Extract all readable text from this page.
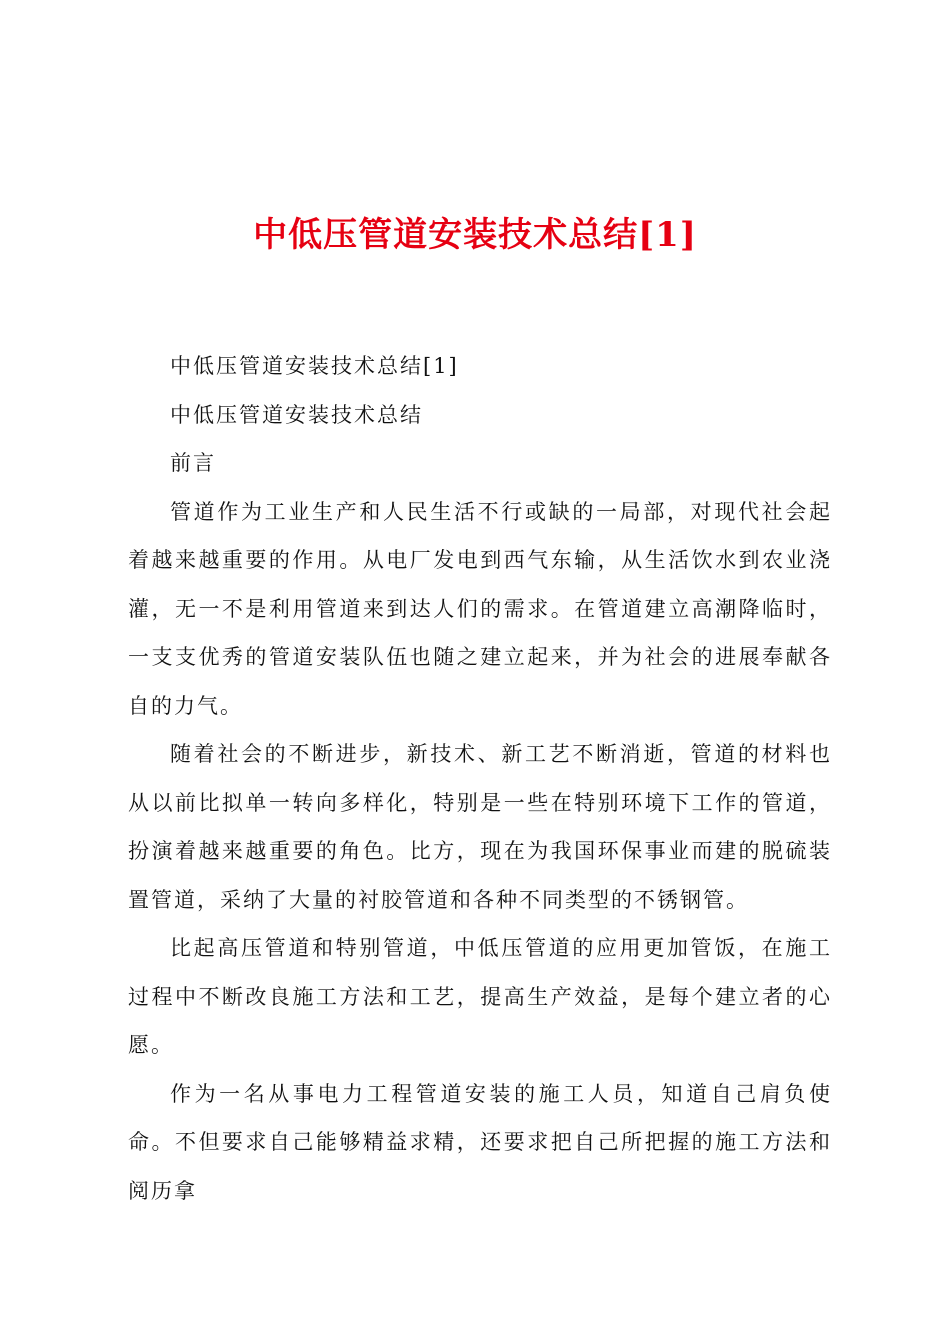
中低压管道安装技术总结[1]

中低压管道安装技术总结[1]

中低压管道安装技术总结

前言

管道作为工业生产和人民生活不行或缺的一局部，对现代社会起着越来越重要的作用。从电厂发电到西气东输，从生活饮水到农业浇灌，无一不是利用管道来到达人们的需求。在管道建立高潮降临时，一支支优秀的管道安装队伍也随之建立起来，并为社会的进展奉献各自的力气。

随着社会的不断进步，新技术、新工艺不断消逝，管道的材料也从以前比拟单一转向多样化，特别是一些在特别环境下工作的管道，扮演着越来越重要的角色。比方，现在为我国环保事业而建的脱硫装置管道，采纳了大量的衬胶管道和各种不同类型的不锈钢管。

比起高压管道和特别管道，中低压管道的应用更加管饭，在施工过程中不断改良施工方法和工艺，提高生产效益，是每个建立者的心愿。

作为一名从事电力工程管道安装的施工人员，知道自己肩负使命。不但要求自己能够精益求精，还要求把自己所把握的施工方法和阅历拿
